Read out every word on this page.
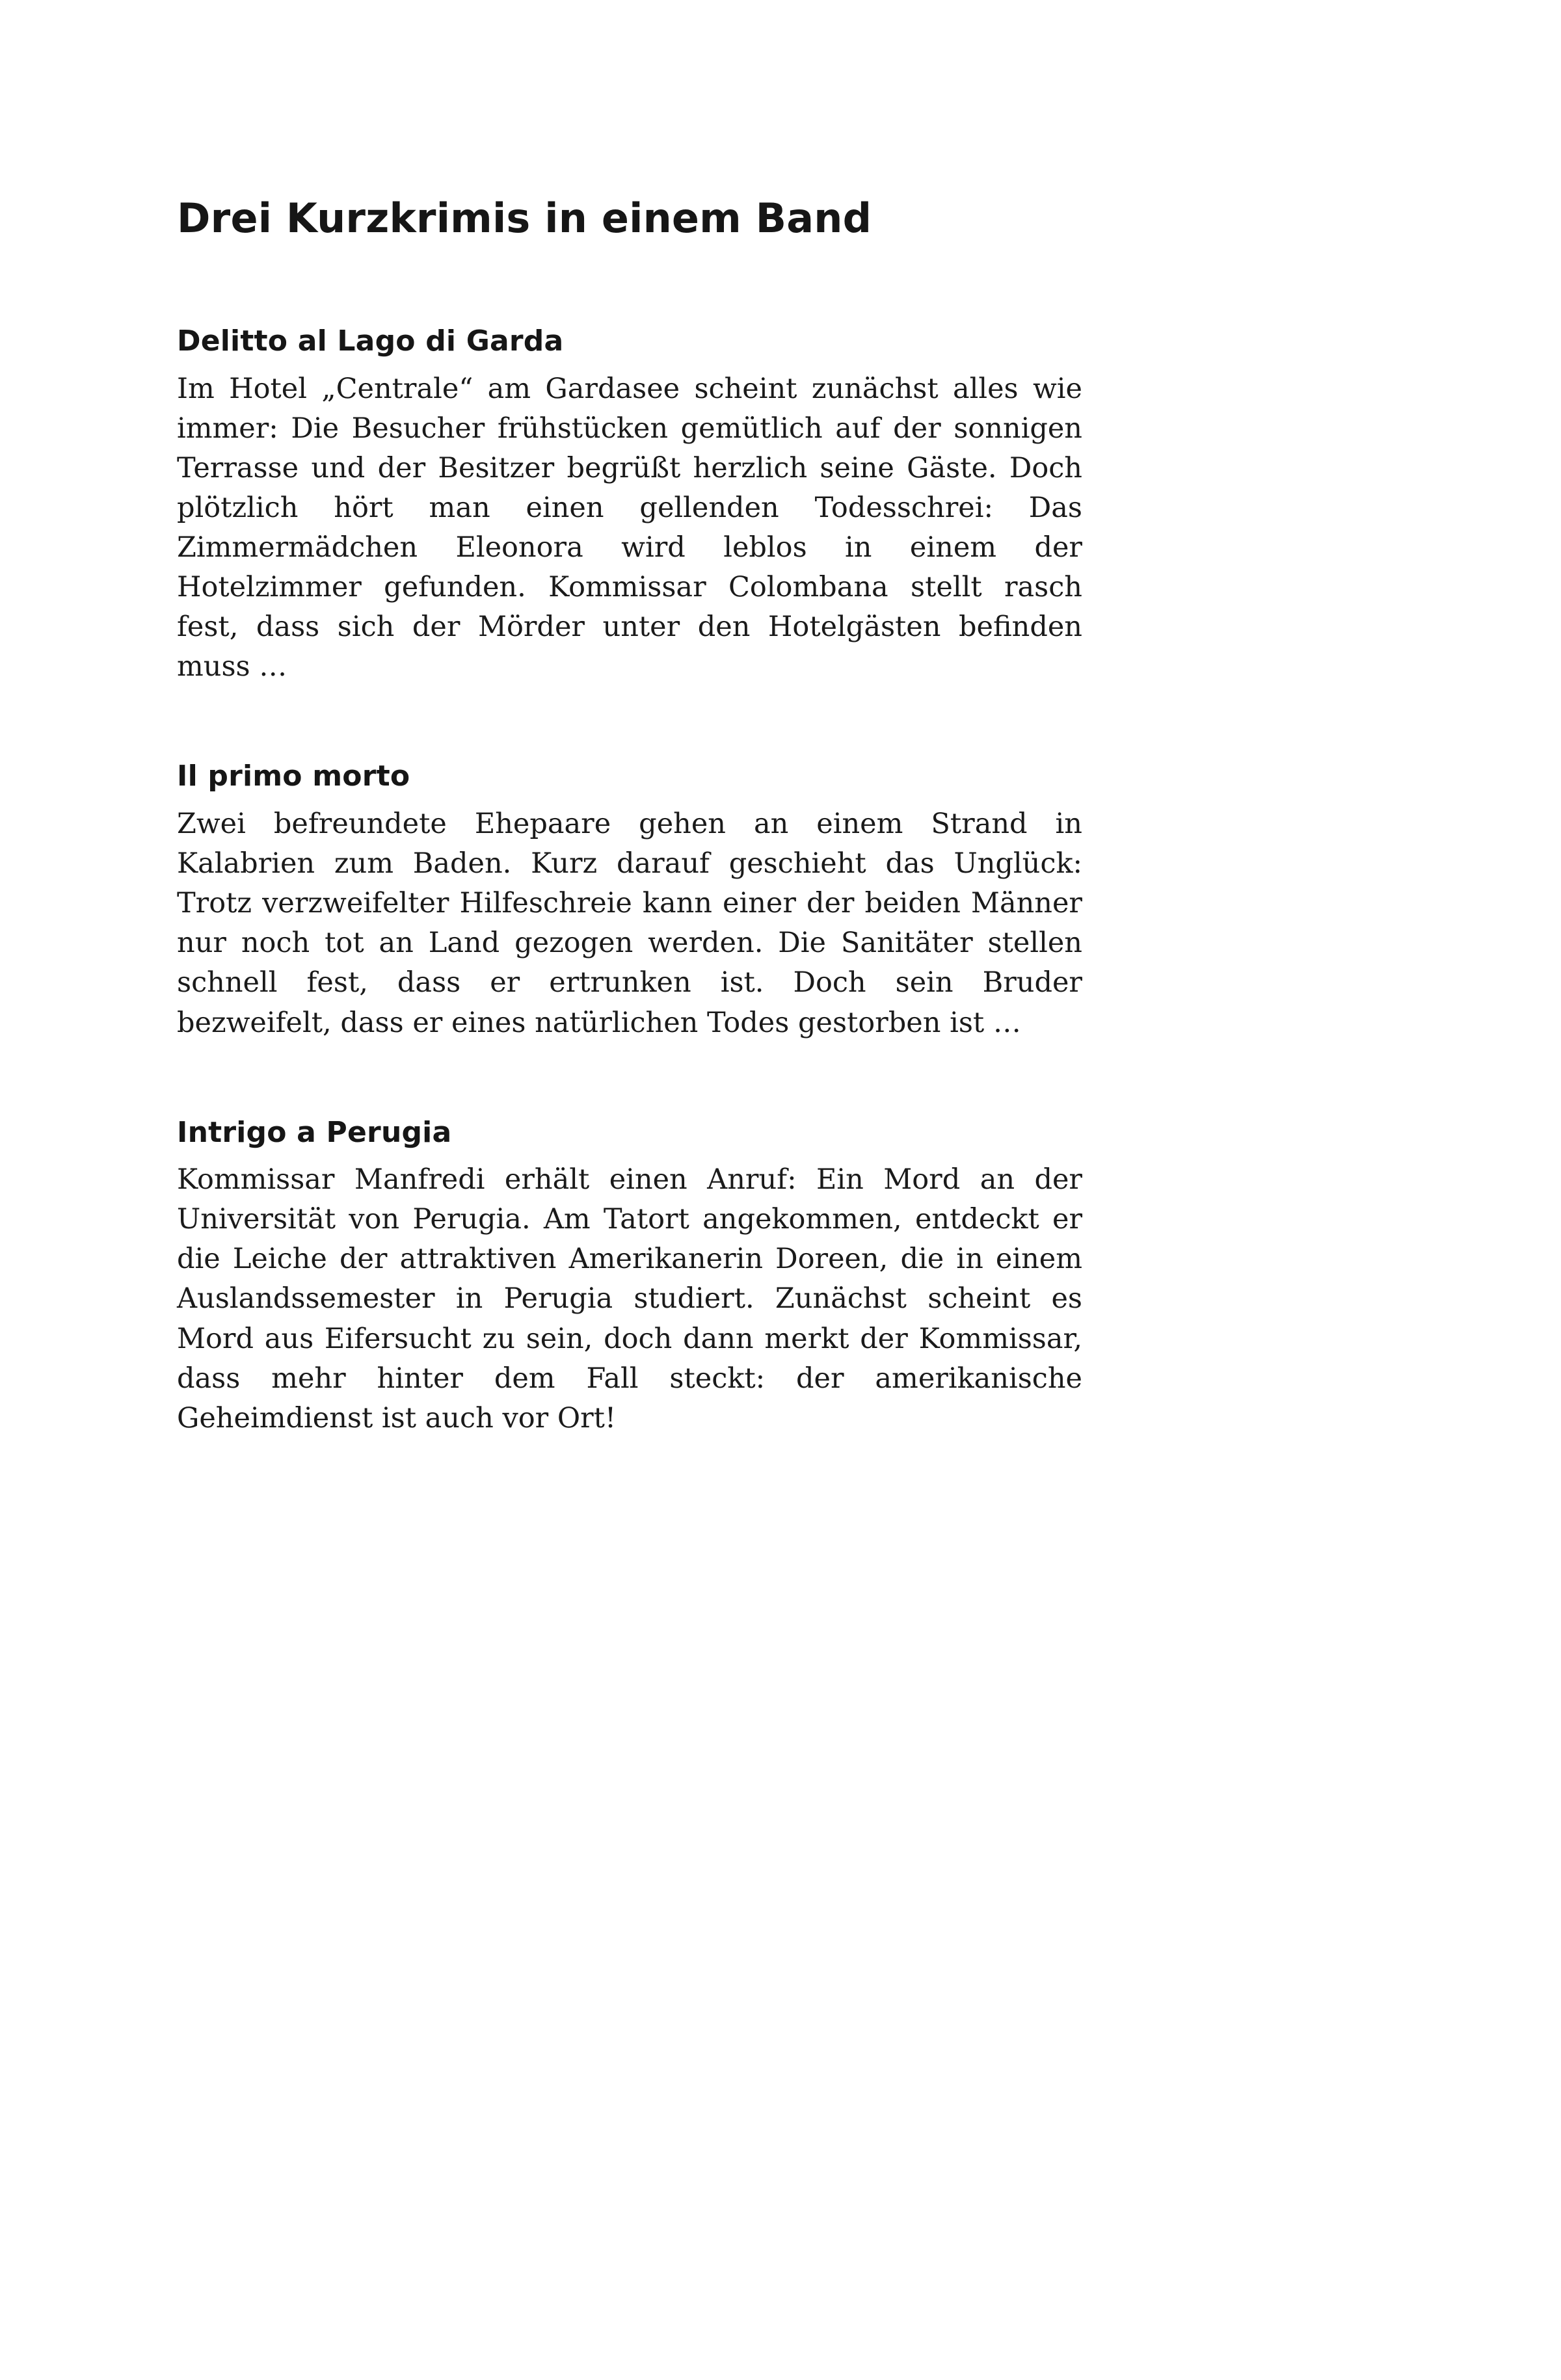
Drei Kurzkrimis in einem Band
Delitto al Lago di Garda

Im Hotel „Centrale“ am Gardasee scheint zunächst alles wie immer: Die Besucher frühstücken gemütlich auf der sonnigen Terrasse und der Besitzer begrüßt herzlich seine Gäste. Doch plötzlich hört man einen gellenden Todesschrei: Das Zimmermädchen Eleonora wird leblos in einem der Hotelzimmer gefunden. Kommissar Colombana stellt rasch fest, dass sich der Mörder unter den Hotelgästen befinden muss …

Il primo morto

Zwei befreundete Ehepaare gehen an einem Strand in Kalabrien zum Baden. Kurz darauf geschieht das Unglück: Trotz verzweifelter Hilfeschreie kann einer der beiden Männer nur noch tot an Land gezogen werden. Die Sanitäter stellen schnell fest, dass er ertrunken ist. Doch sein Bruder bezweifelt, dass er eines natürlichen Todes gestorben ist …

Intrigo a Perugia

Kommissar Manfredi erhält einen Anruf: Ein Mord an der Universität von Perugia. Am Tatort angekommen, entdeckt er die Leiche der attraktiven Amerikanerin Doreen, die in einem Auslandssemester in Perugia studiert. Zunächst scheint es Mord aus Eifersucht zu sein, doch dann merkt der Kommissar, dass mehr hinter dem Fall steckt: der amerikanische Geheimdienst ist auch vor Ort!
